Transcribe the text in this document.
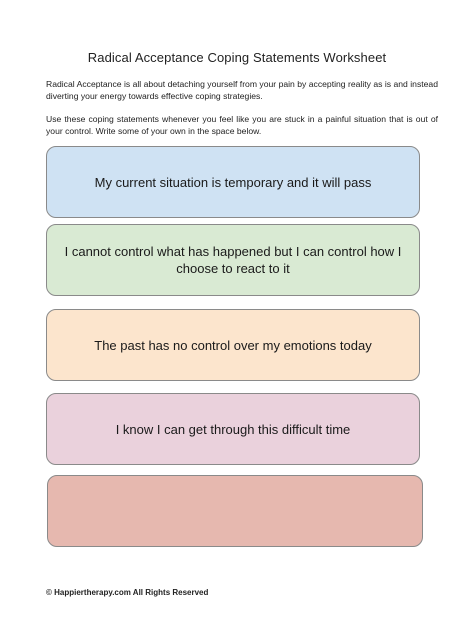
Radical Acceptance Coping Statements Worksheet
Radical Acceptance is all about detaching yourself from your pain by accepting reality as is and instead diverting your energy towards effective coping strategies.
Use these coping statements whenever you feel like you are stuck in a painful situation that is out of your control. Write some of your own in the space below.
My current situation is temporary and it will pass
I cannot control what has happened but I can control how I choose to react to it
The past has no control over my emotions today
I know I can get through this difficult time
© Happiertherapy.com All Rights Reserved
